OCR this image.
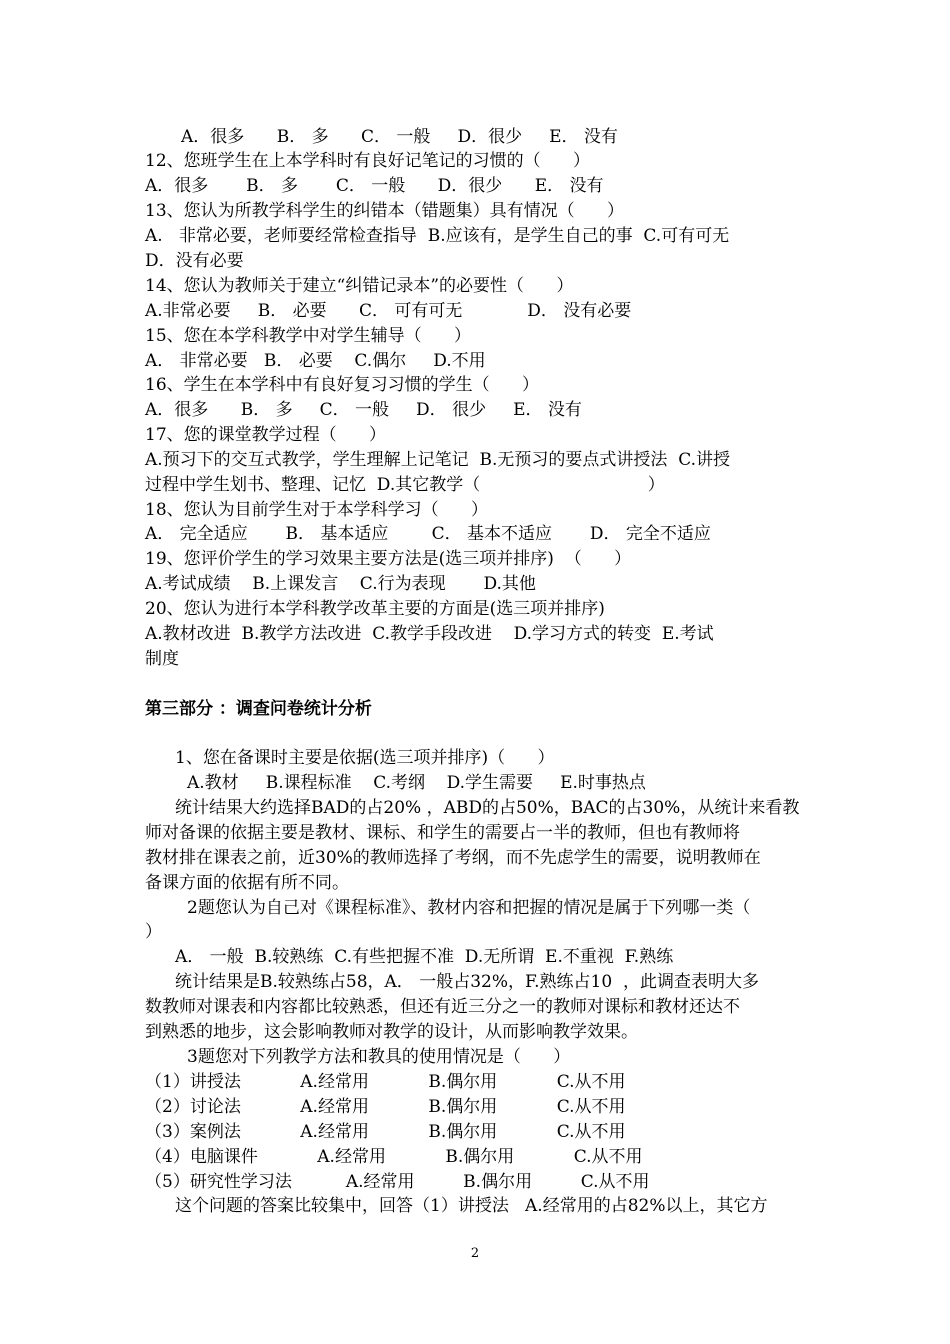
A．很多      B． 多      C． 一般     D．很少     E． 没有
12、您班学生在上本学科时有良好记笔记的习惯的（      ）
A．很多       B． 多       C． 一般      D．很少      E． 没有
13、您认为所教学科学生的纠错本（错题集）具有情况（      ）
A.   非常必要，老师要经常检查指导  B.应该有，是学生自己的事  C.可有可无
D．没有必要
14、您认为教师关于建立“纠错记录本”的必要性（      ）
A.非常必要     B． 必要      C． 可有可无            D． 没有必要
15、您在本学科教学中对学生辅导（      ）
A． 非常必要   B． 必要    C.偶尔     D.不用
16、学生在本学科中有良好复习习惯的学生（      ）
A．很多      B． 多     C． 一般     D． 很少     E． 没有
17、您的课堂教学过程（      ）
A.预习下的交互式教学，学生理解上记笔记  B.无预习的要点式讲授法  C.讲授
过程中学生划书、整理、记忆  D.其它教学（                               ）
18、您认为目前学生对于本学科学习（      ）
A． 完全适应       B． 基本适应        C． 基本不适应       D． 完全不适应
19、您评价学生的学习效果主要方法是(选三项并排序)  （      ）
A.考试成绩    B.上课发言    C.行为表现       D.其他
20、您认为进行本学科教学改革主要的方面是(选三项并排序)
A.教材改进  B.教学方法改进  C.教学手段改进    D.学习方式的转变  E.考试
制度
第三部分 ：调查问卷统计分析
1、您在备课时主要是依据(选三项并排序)（      ）
A.教材     B.课程标准    C.考纲    D.学生需要     E.时事热点
统计结果大约选择BAD的占20% ，ABD的占50%，BAC的占30%，从统计来看教
师对备课的依据主要是教材、课标、和学生的需要占一半的教师，但也有教师将
教材排在课表之前，近30%的教师选择了考纲，而不先虑学生的需要，说明教师在
备课方面的依据有所不同。
2题您认为自己对《课程标准》、教材内容和把握的情况是属于下列哪一类（
）
A． 一般  B.较熟练  C.有些把握不准  D.无所谓  E.不重视  F.熟练
统计结果是B.较熟练占58，A． 一般占32%，F.熟练占10  ，此调查表明大多
数教师对课表和内容都比较熟悉，但还有近三分之一的教师对课标和教材还达不
到熟悉的地步，这会影响教师对教学的设计，从而影响教学效果。
3题您对下列教学方法和教具的使用情况是（      ）
（1）讲授法           A.经常用           B.偶尔用           C.从不用
（2）讨论法           A.经常用           B.偶尔用           C.从不用
（3）案例法           A.经常用           B.偶尔用           C.从不用
（4）电脑课件           A.经常用           B.偶尔用           C.从不用
（5）研究性学习法          A.经常用         B.偶尔用         C.从不用
这个问题的答案比较集中，回答（1）讲授法   A.经常用的占82%以上，其它方
2
